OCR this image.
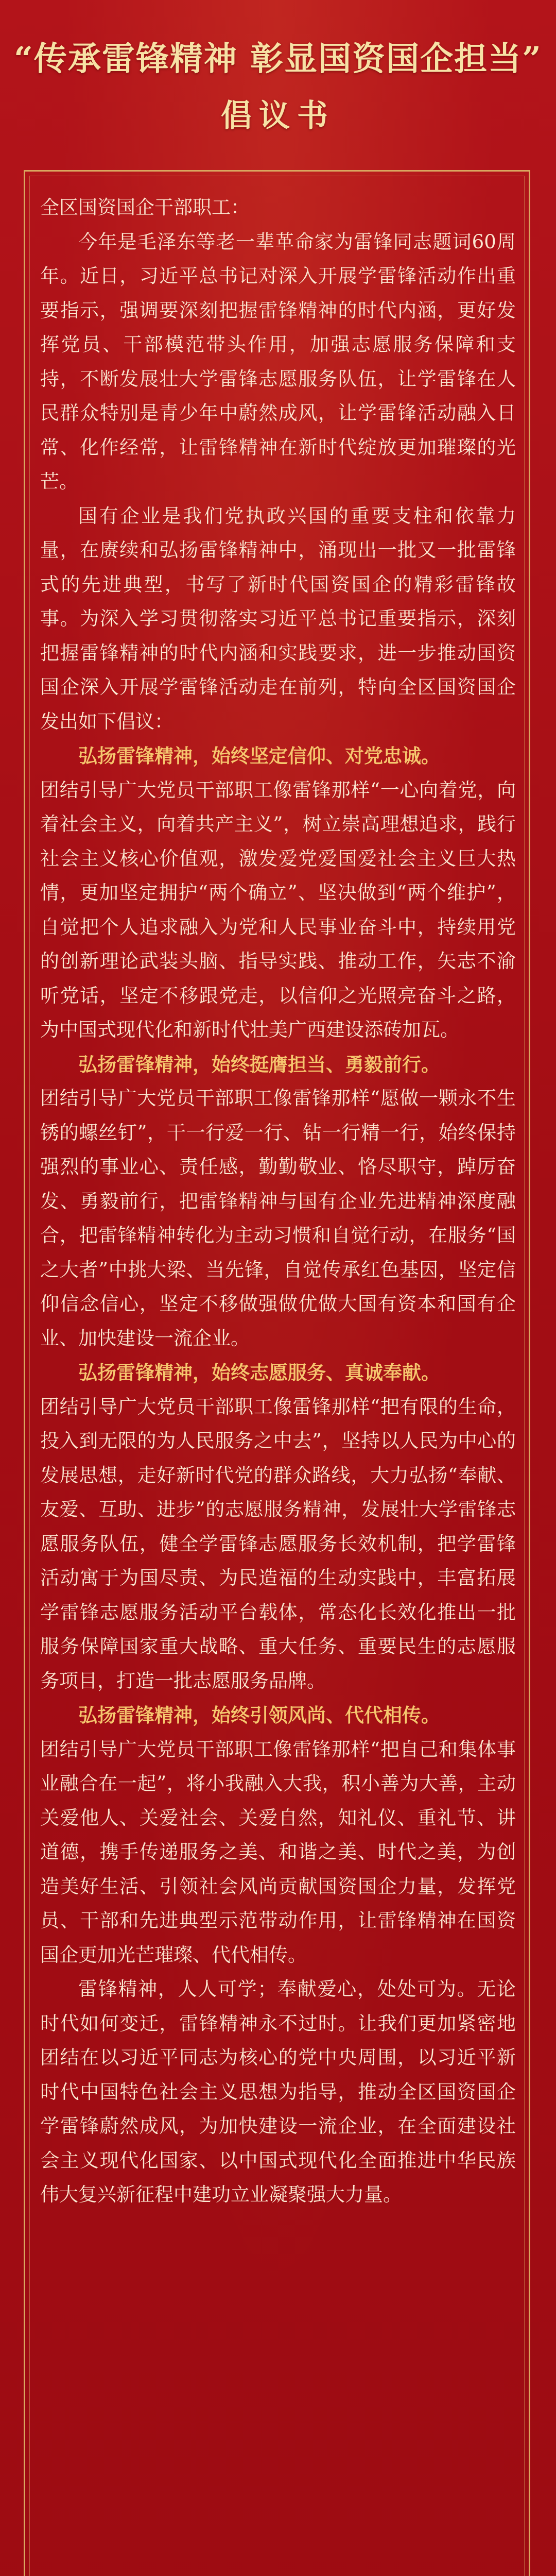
“传承雷锋精神 彰显国资国企担当”
倡议书

全区国资国企干部职工：

今年是毛泽东等老一辈革命家为雷锋同志题词60周年。近日，习近平总书记对深入开展学雷锋活动作出重要指示，强调要深刻把握雷锋精神的时代内涵，更好发挥党员、干部模范带头作用，加强志愿服务保障和支持，不断发展壮大学雷锋志愿服务队伍，让学雷锋在人民群众特别是青少年中蔚然成风，让学雷锋活动融入日常、化作经常，让雷锋精神在新时代绽放更加璀璨的光芒。

国有企业是我们党执政兴国的重要支柱和依靠力量，在赓续和弘扬雷锋精神中，涌现出一批又一批雷锋式的先进典型，书写了新时代国资国企的精彩雷锋故事。为深入学习贯彻落实习近平总书记重要指示，深刻把握雷锋精神的时代内涵和实践要求，进一步推动国资国企深入开展学雷锋活动走在前列，特向全区国资国企发出如下倡议：

弘扬雷锋精神，始终坚定信仰、对党忠诚。

团结引导广大党员干部职工像雷锋那样“一心向着党，向着社会主义，向着共产主义”，树立崇高理想追求，践行社会主义核心价值观，激发爱党爱国爱社会主义巨大热情，更加坚定拥护“两个确立”、坚决做到“两个维护”，自觉把个人追求融入为党和人民事业奋斗中，持续用党的创新理论武装头脑、指导实践、推动工作，矢志不渝听党话，坚定不移跟党走，以信仰之光照亮奋斗之路，为中国式现代化和新时代壮美广西建设添砖加瓦。

弘扬雷锋精神，始终挺膺担当、勇毅前行。

团结引导广大党员干部职工像雷锋那样“愿做一颗永不生锈的螺丝钉”，干一行爱一行、钻一行精一行，始终保持强烈的事业心、责任感，勤勤敬业、恪尽职守，踔厉奋发、勇毅前行，把雷锋精神与国有企业先进精神深度融合，把雷锋精神转化为主动习惯和自觉行动，在服务“国之大者”中挑大梁、当先锋，自觉传承红色基因，坚定信仰信念信心，坚定不移做强做优做大国有资本和国有企业、加快建设一流企业。

弘扬雷锋精神，始终志愿服务、真诚奉献。

团结引导广大党员干部职工像雷锋那样“把有限的生命，投入到无限的为人民服务之中去”，坚持以人民为中心的发展思想，走好新时代党的群众路线，大力弘扬“奉献、友爱、互助、进步”的志愿服务精神，发展壮大学雷锋志愿服务队伍，健全学雷锋志愿服务长效机制，把学雷锋活动寓于为国尽责、为民造福的生动实践中，丰富拓展学雷锋志愿服务活动平台载体，常态化长效化推出一批服务保障国家重大战略、重大任务、重要民生的志愿服务项目，打造一批志愿服务品牌。

弘扬雷锋精神，始终引领风尚、代代相传。

团结引导广大党员干部职工像雷锋那样“把自己和集体事业融合在一起”，将小我融入大我，积小善为大善，主动关爱他人、关爱社会、关爱自然，知礼仪、重礼节、讲道德，携手传递服务之美、和谐之美、时代之美，为创造美好生活、引领社会风尚贡献国资国企力量，发挥党员、干部和先进典型示范带动作用，让雷锋精神在国资国企更加光芒璀璨、代代相传。

雷锋精神，人人可学；奉献爱心，处处可为。无论时代如何变迁，雷锋精神永不过时。让我们更加紧密地团结在以习近平同志为核心的党中央周围，以习近平新时代中国特色社会主义思想为指导，推动全区国资国企学雷锋蔚然成风，为加快建设一流企业，在全面建设社会主义现代化国家、以中国式现代化全面推进中华民族伟大复兴新征程中建功立业凝聚强大力量。
